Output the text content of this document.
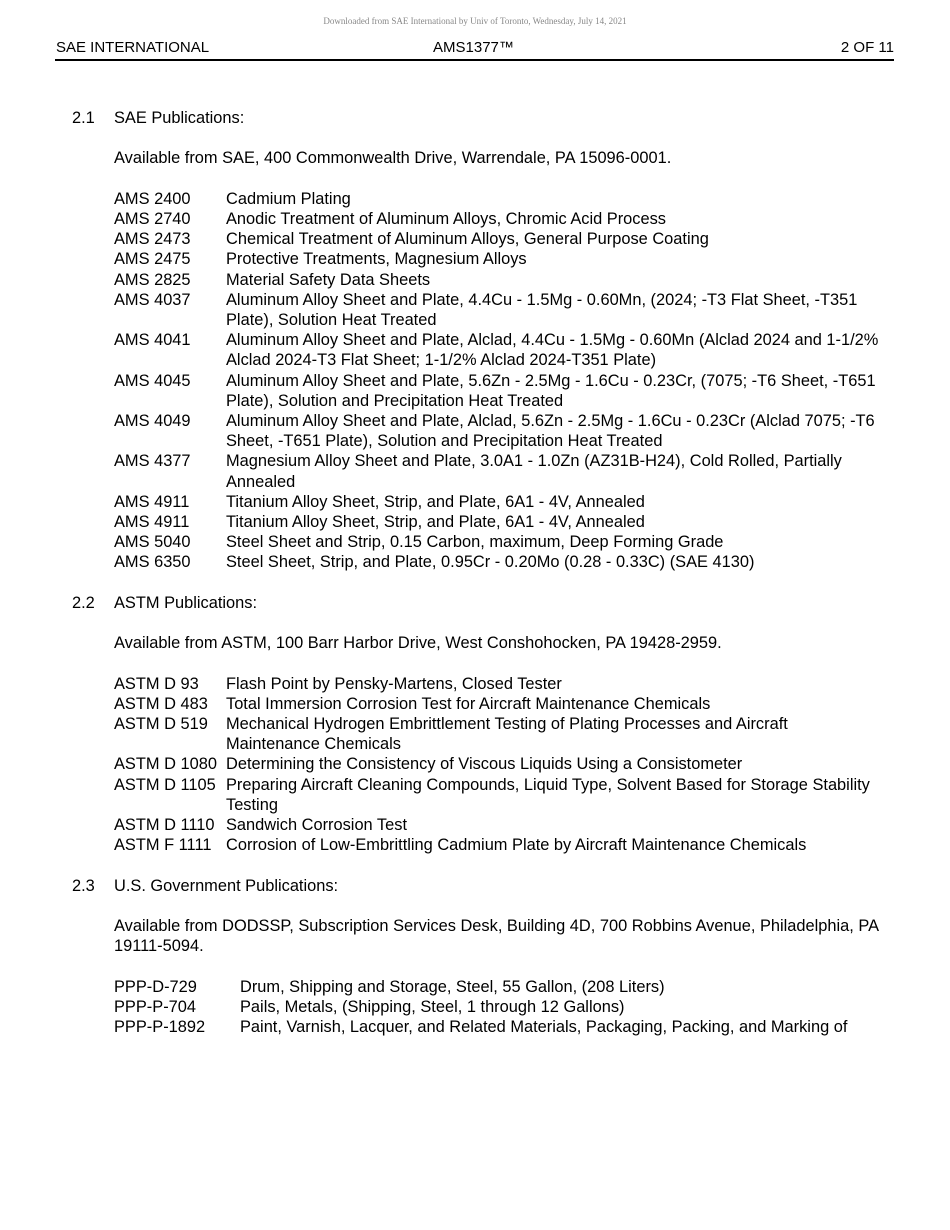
Downloaded from SAE International by Univ of Toronto, Wednesday, July 14, 2021
SAE INTERNATIONAL	AMS1377™	2 OF 11
2.1	SAE Publications:
Available from SAE, 400 Commonwealth Drive, Warrendale, PA 15096-0001.
AMS 2400	Cadmium Plating
AMS 2740	Anodic Treatment of Aluminum Alloys, Chromic Acid Process
AMS 2473	Chemical Treatment of Aluminum Alloys, General Purpose Coating
AMS 2475	Protective Treatments, Magnesium Alloys
AMS 2825	Material Safety Data Sheets
AMS 4037	Aluminum Alloy Sheet and Plate, 4.4Cu - 1.5Mg - 0.60Mn, (2024; -T3 Flat Sheet, -T351 Plate), Solution Heat Treated
AMS 4041	Aluminum Alloy Sheet and Plate, Alclad, 4.4Cu - 1.5Mg - 0.60Mn (Alclad 2024 and 1-1/2% Alclad 2024-T3 Flat Sheet; 1-1/2% Alclad 2024-T351 Plate)
AMS 4045	Aluminum Alloy Sheet and Plate, 5.6Zn - 2.5Mg - 1.6Cu - 0.23Cr, (7075; -T6 Sheet, -T651 Plate), Solution and Precipitation Heat Treated
AMS 4049	Aluminum Alloy Sheet and Plate, Alclad, 5.6Zn - 2.5Mg - 1.6Cu - 0.23Cr (Alclad 7075; -T6 Sheet, -T651 Plate), Solution and Precipitation Heat Treated
AMS 4377	Magnesium Alloy Sheet and Plate, 3.0A1 - 1.0Zn (AZ31B-H24), Cold Rolled, Partially Annealed
AMS 4911	Titanium Alloy Sheet, Strip, and Plate, 6A1 - 4V, Annealed
AMS 4911	Titanium Alloy Sheet, Strip, and Plate, 6A1 - 4V, Annealed
AMS 5040	Steel Sheet and Strip, 0.15 Carbon, maximum, Deep Forming Grade
AMS 6350	Steel Sheet, Strip, and Plate, 0.95Cr - 0.20Mo (0.28 - 0.33C) (SAE 4130)
2.2	ASTM Publications:
Available from ASTM, 100 Barr Harbor Drive, West Conshohocken, PA 19428-2959.
ASTM D 93	Flash Point by Pensky-Martens, Closed Tester
ASTM D 483	Total Immersion Corrosion Test for Aircraft Maintenance Chemicals
ASTM D 519	Mechanical Hydrogen Embrittlement Testing of Plating Processes and Aircraft Maintenance Chemicals
ASTM D 1080 Determining the Consistency of Viscous Liquids Using a Consistometer
ASTM D 1105 Preparing Aircraft Cleaning Compounds, Liquid Type, Solvent Based for Storage Stability Testing
ASTM D 1110 Sandwich Corrosion Test
ASTM F 1111 Corrosion of Low-Embrittling Cadmium Plate by Aircraft Maintenance Chemicals
2.3	U.S. Government Publications:
Available from DODSSP, Subscription Services Desk, Building 4D, 700 Robbins Avenue, Philadelphia, PA 19111-5094.
PPP-D-729	Drum, Shipping and Storage, Steel, 55 Gallon, (208 Liters)
PPP-P-704	Pails, Metals, (Shipping, Steel, 1 through 12 Gallons)
PPP-P-1892	Paint, Varnish, Lacquer, and Related Materials, Packaging, Packing, and Marking of
